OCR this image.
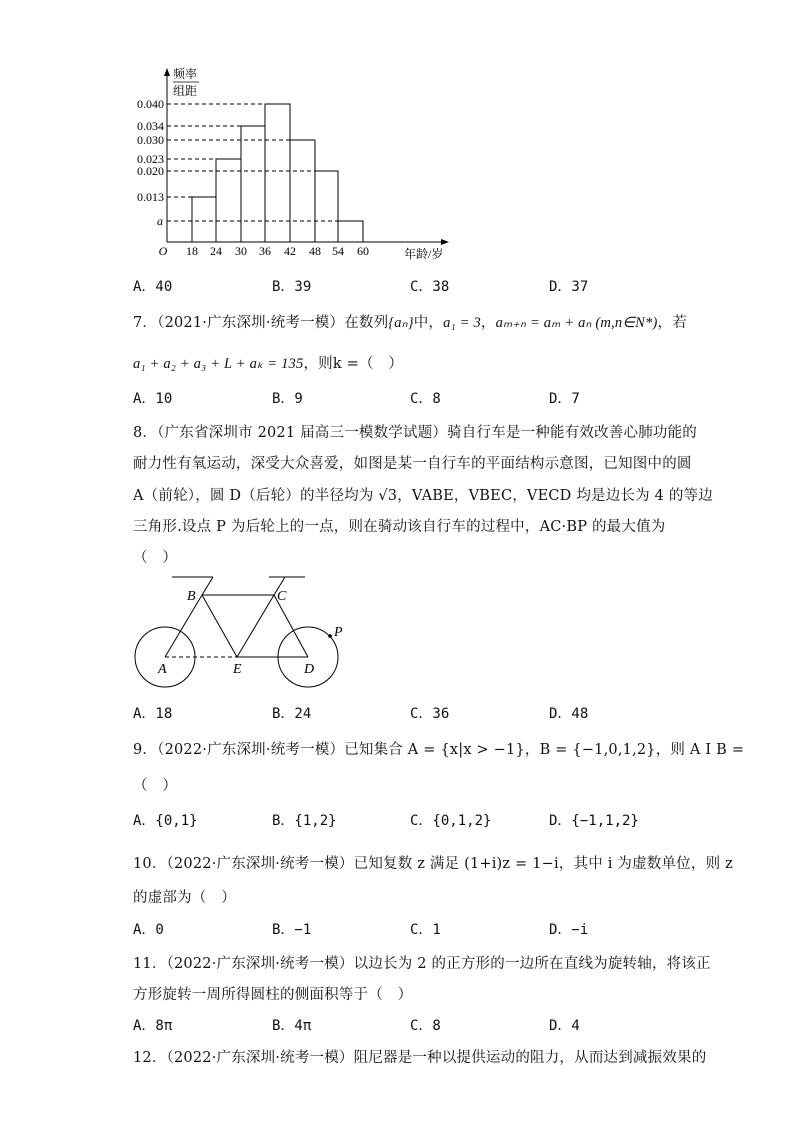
频率
组距
0.040
0.034
0.030
0.023
0.020
0.013
a
O 18 24 30 36 42 48 54 60	年龄/岁
A．40	B．39	C．38	D．37
7．（2021·广东深圳·统考一模）在数列{aₙ}中，a₁ = 3，aₘ₊ₙ = aₘ + aₙ (m,n∈N*)，若
a₁ + a₂ + a₃ + L + aₖ = 135，则k =（　）
A．10	B．9	C．8	D．7
8．（广东省深圳市 2021 届高三一模数学试题）骑自行车是一种能有效改善心肺功能的
耐力性有氧运动，深受大众喜爱，如图是某一自行车的平面结构示意图，已知图中的圆
A（前轮），圆 D（后轮）的半径均为 √3，VABE，VBEC，VECD 均是边长为 4 的等边
三角形.设点 P 为后轮上的一点，则在骑动该自行车的过程中，AC·BP 的最大值为
（　）
B	C
A	E	D
P
A．18	B．24	C．36	D．48
9．（2022·广东深圳·统考一模）已知集合 A = {x|x > −1}，B = {−1,0,1,2}，则 A I B =
（　）
A．{0,1}	B．{1,2}	C．{0,1,2}	D．{−1,1,2}
10．（2022·广东深圳·统考一模）已知复数 z 满足 (1+i)z = 1−i，其中 i 为虚数单位，则 z
的虚部为（　）
A．0	B．−1	C．1	D．−i
11．（2022·广东深圳·统考一模）以边长为 2 的正方形的一边所在直线为旋转轴，将该正
方形旋转一周所得圆柱的侧面积等于（　）
A．8π	B．4π	C．8	D．4
12．（2022·广东深圳·统考一模）阻尼器是一种以提供运动的阻力，从而达到减振效果的
